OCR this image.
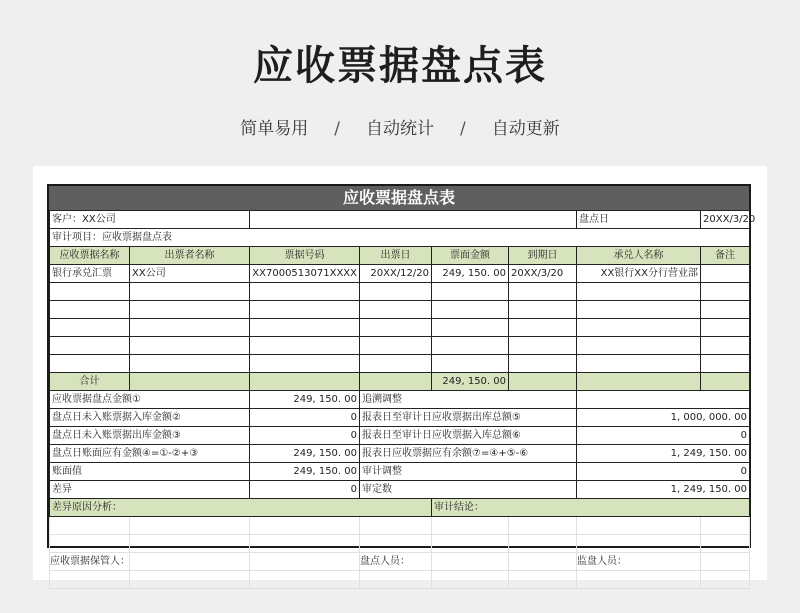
应收票据盘点表
简单易用 / 自动统计 / 自动更新
应收票据盘点表
客户：XX公司						盘点日	20XX/3/20
审计项目：应收票据盘点表							
应收票据名称	出票者名称	票据号码	出票日	票面金额	到期日	承兑人名称	备注
银行承兑汇票	XX公司	XX7000513071XXXX	20XX/12/20	249, 150. 00	20XX/3/20	XX银行XX分行营业部	

合计				249, 150. 00			
应收票据盘点金额①		249, 150. 00	追溯调整				
盘点日未入账票据入库金额②		0	报表日至审计日应收票据出库总额⑤			1, 000, 000. 00	
盘点日未入账票据出库金额③		0	报表日至审计日应收票据入库总额⑥			0	
盘点日账面应有金额④=①-②+③		249, 150. 00	报表日应收票据应有余额⑦=④+⑤-⑥			1, 249, 150. 00	
账面值		249, 150. 00	审计调整			0	
差异		0	审定数			1, 249, 150. 00	
差异原因分析：				审计结论：			

应收票据保管人：	盘点人员：	监盘人员：
